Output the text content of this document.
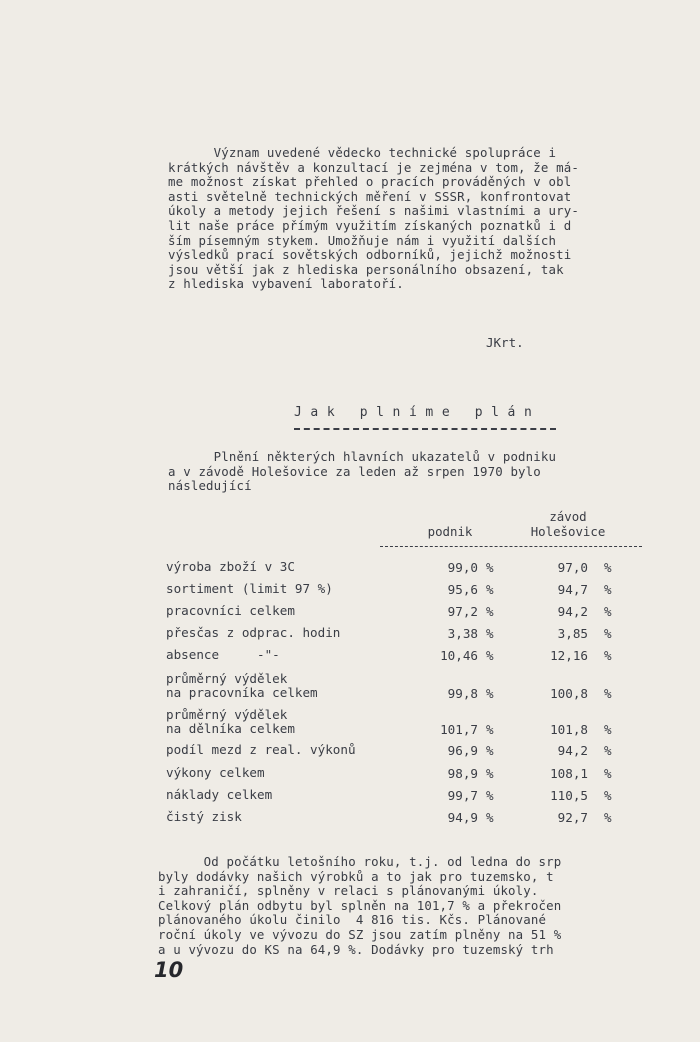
Význam uvedené vědecko technické spolupráce i
krátkých návštěv a konzultací je zejména v tom, že má-
me možnost získat přehled o pracích prováděných v obl
asti světelně technických měření v SSSR, konfrontovat
úkoly a metody jejich řešení s našimi vlastními a ury-
lit naše práce přímým využitím získaných poznatků i d
ším písemným stykem. Umožňuje nám i využití dalších
výsledků prací sovětských odborníků, jejichž možnosti
jsou větší jak z hlediska personálního obsazení, tak
z hlediska vybavení laboratoří.

JKrt.
Jak plníme plán

Plnění některých hlavních ukazatelů v podniku
a v závodě Holešovice za leden až srpen 1970 bylo
následující

podnik
závod
Holešovice
výroba zboží v 3C	99,0 %	97,0 %
sortiment (limit 97 %)	95,6 %	94,7 %
pracovníci celkem	97,2 %	94,2 %
přesčas z odprac. hodin	3,38 %	3,85 %
absence     -"-	10,46 %	12,16 %
průměrný výdělek
na pracovníka celkem	99,8 %	100,8 %
průměrný výdělek
na dělníka celkem	101,7 %	101,8 %
podíl mezd z real. výkonů	96,9 %	94,2 %
výkony celkem	98,9 %	108,1 %
náklady celkem	99,7 %	110,5 %
čistý zisk	94,9 %	92,7 %

Od počátku letošního roku, t.j. od ledna do srp
byly dodávky našich výrobků a to jak pro tuzemsko, t
i zahraničí, splněny v relaci s plánovanými úkoly.
Celkový plán odbytu byl splněn na 101,7 % a překročen
plánovaného úkolu činilo  4 816 tis. Kčs. Plánované
roční úkoly ve vývozu do SZ jsou zatím plněny na 51 %
a u vývozu do KS na 64,9 %. Dodávky pro tuzemský trh

10
